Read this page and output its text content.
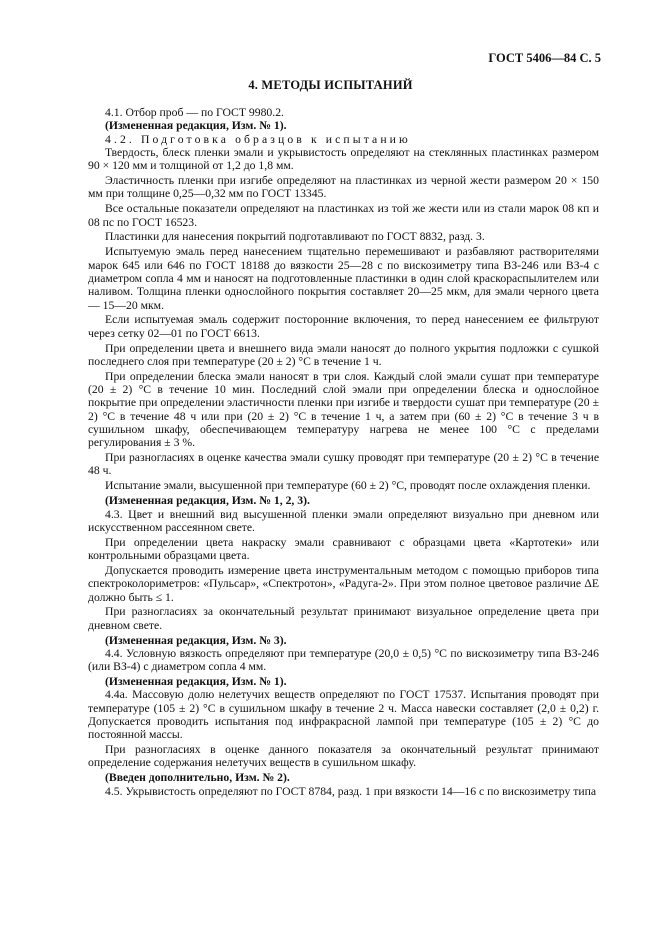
ГОСТ 5406—84 С. 5
4. МЕТОДЫ ИСПЫТАНИЙ

4.1. Отбор проб — по ГОСТ 9980.2.

(Измененная редакция, Изм. № 1).

4.2. Подготовка образцов к испытанию

Твердость, блеск пленки эмали и укрывистость определяют на стеклянных пластинках размером 90 × 120 мм и толщиной от 1,2 до 1,8 мм.

Эластичность пленки при изгибе определяют на пластинках из черной жести размером 20 × 150 мм при толщине 0,25—0,32 мм по ГОСТ 13345.

Все остальные показатели определяют на пластинках из той же жести или из стали марок 08 кп и 08 пс по ГОСТ 16523.

Пластинки для нанесения покрытий подготавливают по ГОСТ 8832, разд. 3.

Испытуемую эмаль перед нанесением тщательно перемешивают и разбавляют растворителями марок 645 или 646 по ГОСТ 18188 до вязкости 25—28 с по вискозиметру типа ВЗ-246 или ВЗ-4 с диаметром сопла 4 мм и наносят на подготовленные пластинки в один слой краскораспылителем или наливом. Толщина пленки однослойного покрытия составляет 20—25 мкм, для эмали черного цвета — 15—20 мкм.

Если испытуемая эмаль содержит посторонние включения, то перед нанесением ее фильтруют через сетку 02—01 по ГОСТ 6613.

При определении цвета и внешнего вида эмали наносят до полного укрытия подложки с сушкой последнего слоя при температуре (20 ± 2) °С в течение 1 ч.

При определении блеска эмали наносят в три слоя. Каждый слой эмали сушат при температуре (20 ± 2) °С в течение 10 мин. Последний слой эмали при определении блеска и однослойное покрытие при определении эластичности пленки при изгибе и твердости сушат при температуре (20 ± 2) °С в течение 48 ч или при (20 ± 2) °С в течение 1 ч, а затем при (60 ± 2) °С в течение 3 ч в сушильном шкафу, обеспечивающем температуру нагрева не менее 100 °С с пределами регулирования ± 3 %.

При разногласиях в оценке качества эмали сушку проводят при температуре (20 ± 2) °С в течение 48 ч.

Испытание эмали, высушенной при температуре (60 ± 2) °С, проводят после охлаждения пленки.

(Измененная редакция, Изм. № 1, 2, 3).

4.3. Цвет и внешний вид высушенной пленки эмали определяют визуально при дневном или искусственном рассеянном свете.

При определении цвета накраску эмали сравнивают с образцами цвета «Картотеки» или контрольными образцами цвета.

Допускается проводить измерение цвета инструментальным методом с помощью приборов типа спектроколориметров: «Пульсар», «Спектротон», «Радуга-2». При этом полное цветовое различие ΔE должно быть ≤ 1.

При разногласиях за окончательный результат принимают визуальное определение цвета при дневном свете.

(Измененная редакция, Изм. № 3).

4.4. Условную вязкость определяют при температуре (20,0 ± 0,5) °С по вискозиметру типа ВЗ-246 (или ВЗ-4) с диаметром сопла 4 мм.

(Измененная редакция, Изм. № 1).

4.4а. Массовую долю нелетучих веществ определяют по ГОСТ 17537. Испытания проводят при температуре (105 ± 2) °С в сушильном шкафу в течение 2 ч. Масса навески составляет (2,0 ± 0,2) г. Допускается проводить испытания под инфракрасной лампой при температуре (105 ± 2) °С до постоянной массы.

При разногласиях в оценке данного показателя за окончательный результат принимают определение содержания нелетучих веществ в сушильном шкафу.

(Введен дополнительно, Изм. № 2).

4.5. Укрывистость определяют по ГОСТ 8784, разд. 1 при вязкости 14—16 с по вискозиметру типа
